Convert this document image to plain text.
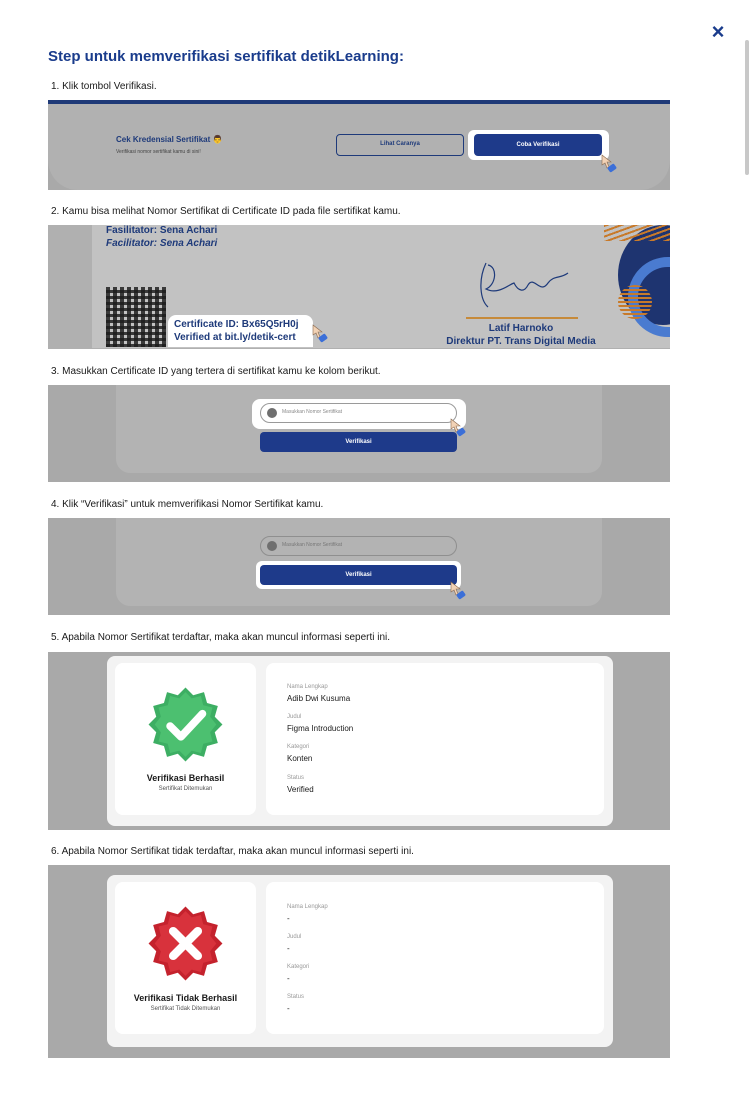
×
Step untuk memverifikasi sertifikat detikLearning:
1. Klik tombol Verifikasi.
Cek Kredensial Sertifikat 👨
Verifikasi nomor sertifikat kamu di sini!
Lihat Caranya	Coba Verifikasi
2. Kamu bisa melihat Nomor Sertifikat di Certificate ID pada file sertifikat kamu.
Fasilitator: Sena Achari
Facilitator: Sena Achari
Certificate ID: Bx65Q5rH0j
Verified at bit.ly/detik-cert
Latif Harnoko
Direktur PT. Trans Digital Media
3. Masukkan Certificate ID yang tertera di sertifikat kamu ke kolom berikut.
Masukkan Nomor Sertifikat
Verifikasi
4. Klik “Verifikasi” untuk memverifikasi Nomor Sertifikat kamu.
Masukkan Nomor Sertifikat
Verifikasi
5. Apabila Nomor Sertifikat terdaftar, maka akan muncul informasi seperti ini.
Verifikasi Berhasil
Sertifikat Ditemukan
Nama Lengkap
Adib Dwi Kusuma
Judul
Figma Introduction
Kategori
Konten
Status
Verified
6. Apabila Nomor Sertifikat tidak terdaftar, maka akan muncul informasi seperti ini.
Verifikasi Tidak Berhasil
Sertifikat Tidak Ditemukan
Nama Lengkap
-
Judul
-
Kategori
-
Status
-
